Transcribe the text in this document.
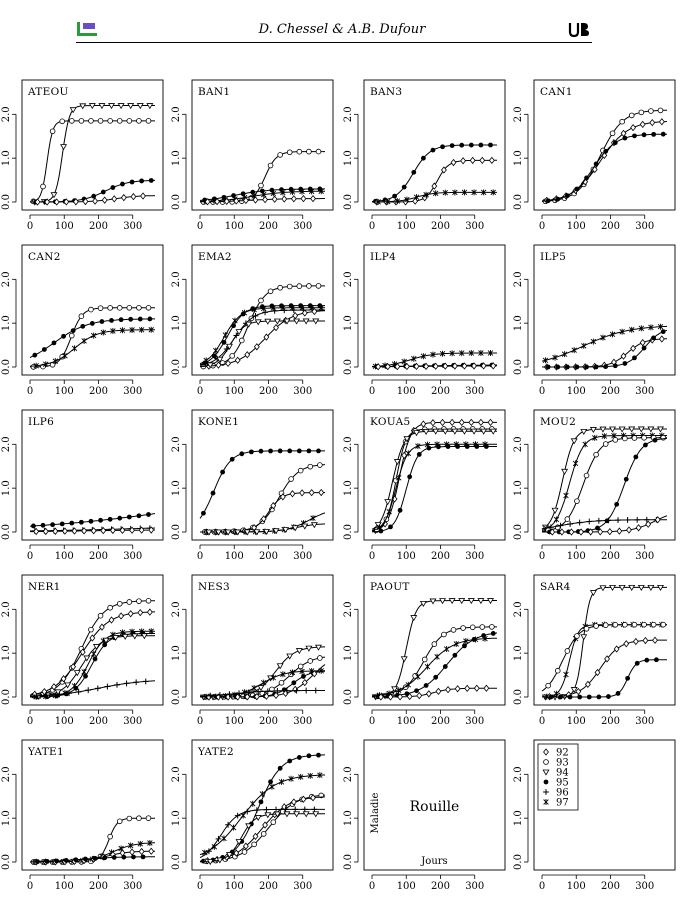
D. Chessel & A.B. Dufour
0.0
1.0
2.0
0 100 200 300
ATEOU
0.0
1.0
2.0
0 100 200 300
BAN1
0.0
1.0
2.0
0 100 200 300
BAN3
0.0
1.0
2.0
0 100 200 300
CAN1
0.0
1.0
2.0
0 100 200 300
CAN2
0.0
1.0
2.0
0 100 200 300
EMA2
0.0
1.0
2.0
0 100 200 300
ILP4
0.0
1.0
2.0
0 100 200 300
ILP5
0.0
1.0
2.0
0 100 200 300
ILP6
0.0
1.0
2.0
0 100 200 300
KONE1
0.0
1.0
2.0
0 100 200 300
KOUA5
0.0
1.0
2.0
0 100 200 300
MOU2
0.0
1.0
2.0
0 100 200 300
NER1
0.0
1.0
2.0
0 100 200 300
NES3
0.0
1.0
2.0
0 100 200 300
PAOUT
0.0
1.0
2.0
0 100 200 300
SAR4
0.0
1.0
2.0
0 100 200 300
YATE1
0.0
1.0
2.0
0 100 200 300
YATE2
0.0
1.0
2.0
0 100 200 300
Rouille
Jours
Maladie
0.0
1.0
2.0
0 100 200 300
92
93
94
95
96
97
